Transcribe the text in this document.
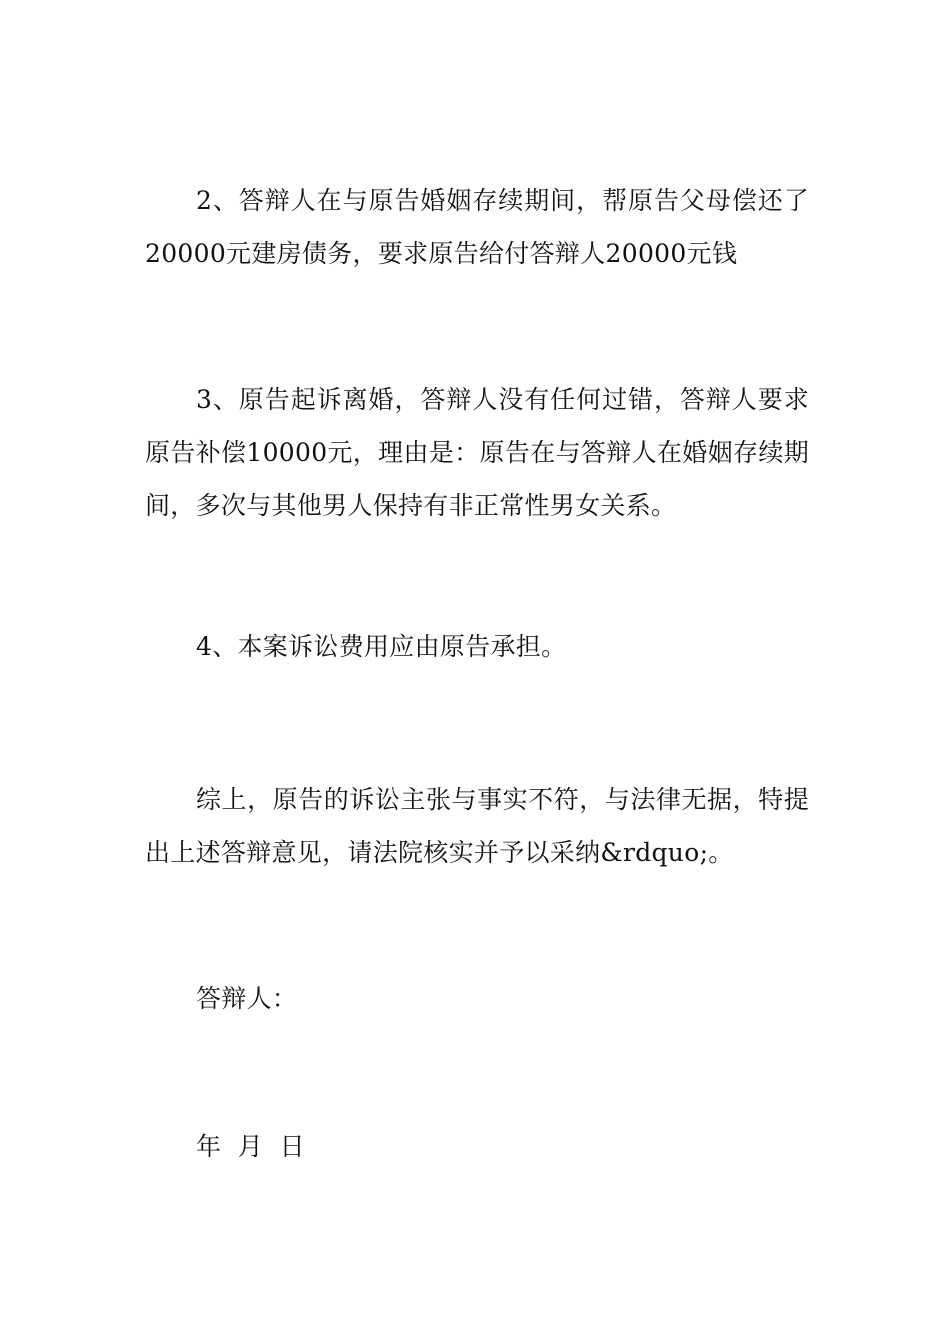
2、答辩人在与原告婚姻存续期间，帮原告父母偿还了20000元建房债务，要求原告给付答辩人20000元钱

3、原告起诉离婚，答辩人没有任何过错，答辩人要求原告补偿10000元，理由是：原告在与答辩人在婚姻存续期间，多次与其他男人保持有非正常性男女关系。

4、本案诉讼费用应由原告承担。

综上，原告的诉讼主张与事实不符，与法律无据，特提出上述答辩意见，请法院核实并予以采纳&rdquo;。

答辩人：

年  月  日
